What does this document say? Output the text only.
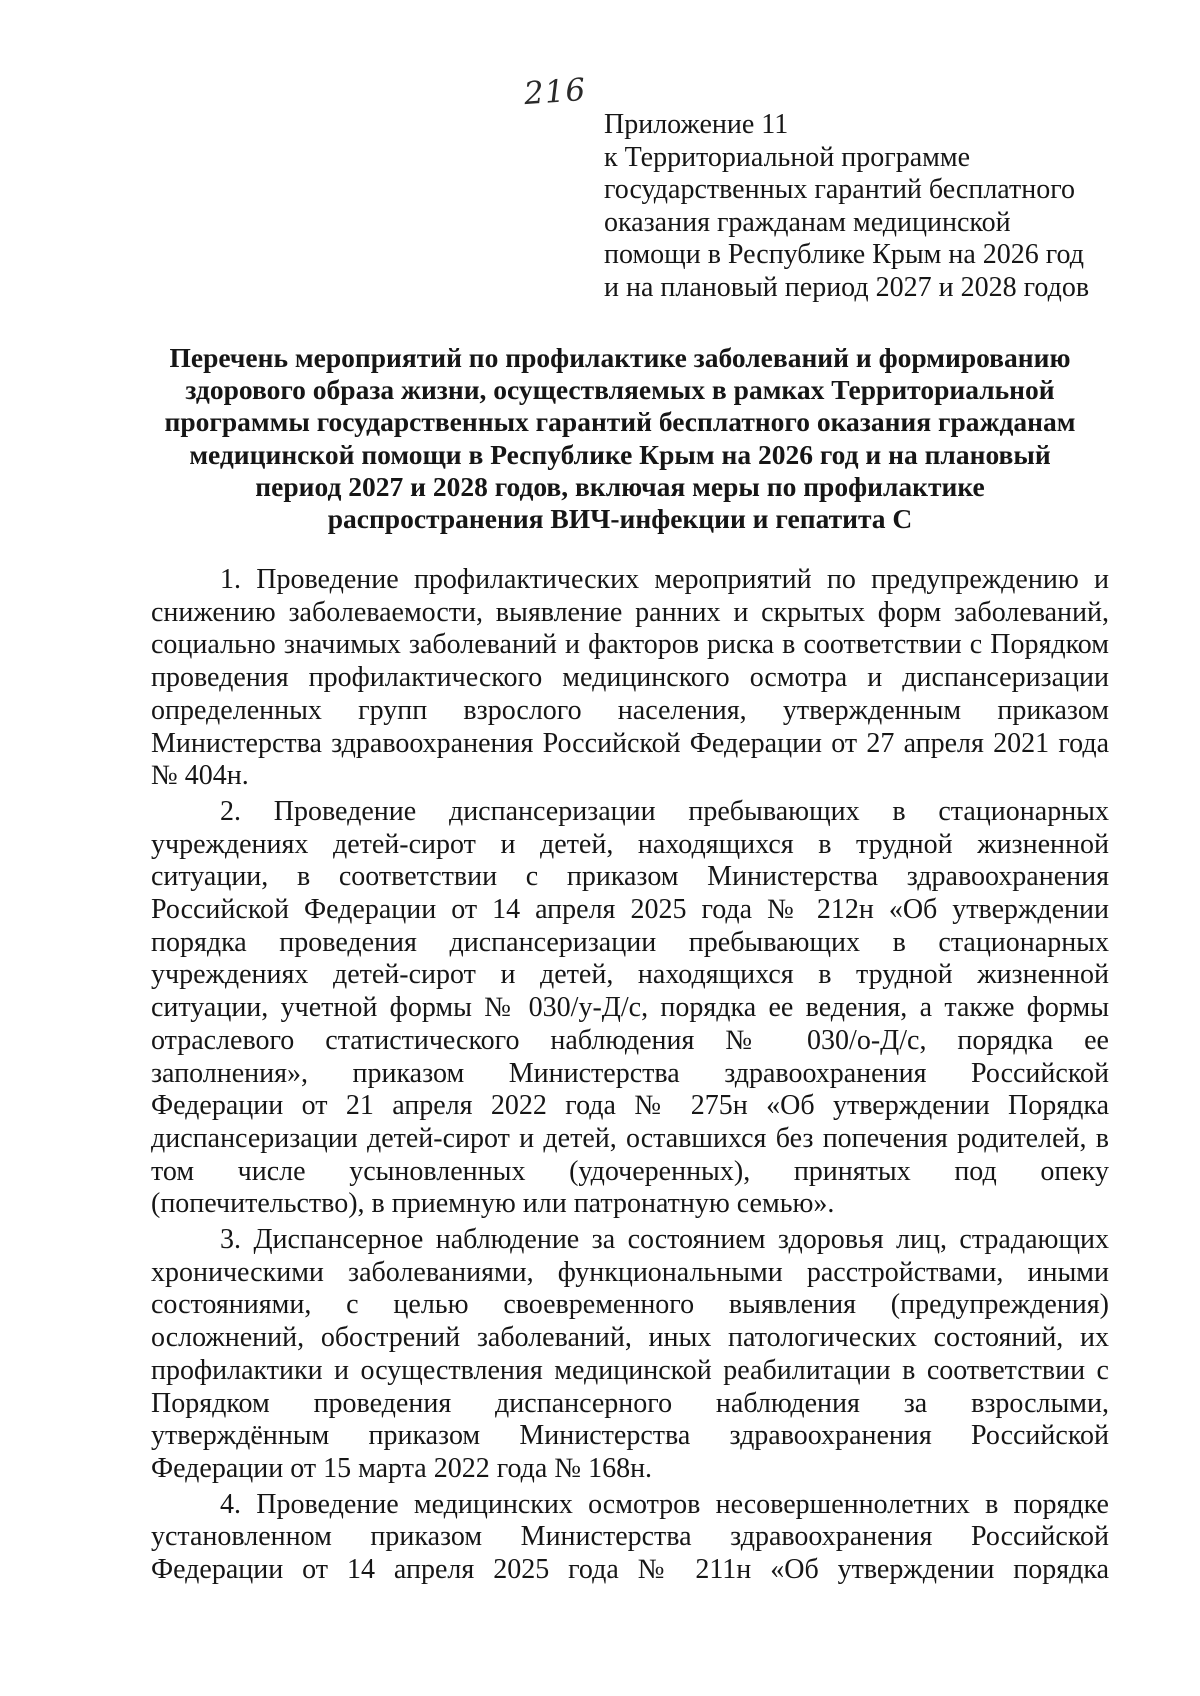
216
Приложение 11
к Территориальной программе
государственных гарантий бесплатного
оказания гражданам медицинской
помощи в Республике Крым на 2026 год
и на плановый период 2027 и 2028 годов
Перечень мероприятий по профилактике заболеваний и формированию
здорового образа жизни, осуществляемых в рамках Территориальной
программы государственных гарантий бесплатного оказания гражданам
медицинской помощи в Республике Крым на 2026 год и на плановый
период 2027 и 2028 годов, включая меры по профилактике
распространения ВИЧ-инфекции и гепатита С
1. Проведение профилактических мероприятий по предупреждению и
снижению заболеваемости, выявление ранних и скрытых форм заболеваний,
социально значимых заболеваний и факторов риска в соответствии с Порядком
проведения профилактического медицинского осмотра и диспансеризации
определенных групп взрослого населения, утвержденным приказом
Министерства здравоохранения Российской Федерации от 27 апреля 2021 года
№ 404н.
2. Проведение диспансеризации пребывающих в стационарных
учреждениях детей-сирот и детей, находящихся в трудной жизненной
ситуации, в соответствии с приказом Министерства здравоохранения
Российской Федерации от 14 апреля 2025 года № 212н «Об утверждении
порядка проведения диспансеризации пребывающих в стационарных
учреждениях детей-сирот и детей, находящихся в трудной жизненной
ситуации, учетной формы № 030/у-Д/с, порядка ее ведения, а также формы
отраслевого статистического наблюдения № 030/о-Д/с, порядка ее
заполнения», приказом Министерства здравоохранения Российской
Федерации от 21 апреля 2022 года № 275н «Об утверждении Порядка
диспансеризации детей-сирот и детей, оставшихся без попечения родителей, в
том числе усыновленных (удочеренных), принятых под опеку
(попечительство), в приемную или патронатную семью».
3. Диспансерное наблюдение за состоянием здоровья лиц, страдающих
хроническими заболеваниями, функциональными расстройствами, иными
состояниями, с целью своевременного выявления (предупреждения)
осложнений, обострений заболеваний, иных патологических состояний, их
профилактики и осуществления медицинской реабилитации в соответствии с
Порядком проведения диспансерного наблюдения за взрослыми,
утверждённым приказом Министерства здравоохранения Российской
Федерации от 15 марта 2022 года № 168н.
4. Проведение медицинских осмотров несовершеннолетних в порядке
установленном приказом Министерства здравоохранения Российской
Федерации от 14 апреля 2025 года № 211н «Об утверждении порядка
